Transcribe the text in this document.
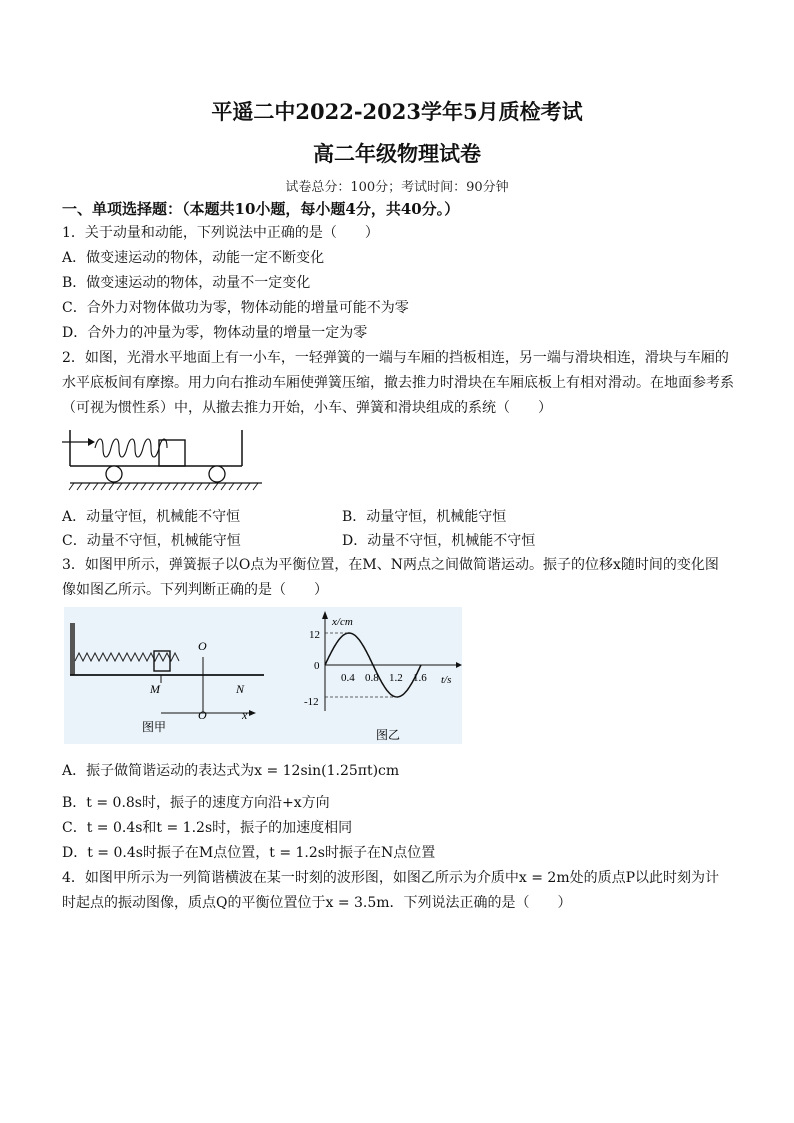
平遥二中2022-2023学年5月质检考试
高二年级物理试卷
试卷总分：100分；考试时间：90分钟
一、单项选择题：（本题共10小题，每小题4分，共40分。）
1．关于动量和动能，下列说法中正确的是（　　）
A．做变速运动的物体，动能一定不断变化
B．做变速运动的物体，动量不一定变化
C．合外力对物体做功为零，物体动能的增量可能不为零
D．合外力的冲量为零，物体动量的增量一定为零
2．如图，光滑水平地面上有一小车，一轻弹簧的一端与车厢的挡板相连，另一端与滑块相连，滑块与车厢的
水平底板间有摩擦。用力向右推动车厢使弹簧压缩，撤去推力时滑块在车厢底板上有相对滑动。在地面参考系
（可视为惯性系）中，从撤去推力开始，小车、弹簧和滑块组成的系统（　　）
A．动量守恒，机械能不守恒	B．动量守恒，机械能守恒
C．动量不守恒，机械能守恒	D．动量不守恒，机械能不守恒
3．如图甲所示，弹簧振子以O点为平衡位置，在M、N两点之间做简谐运动。振子的位移x随时间的变化图
像如图乙所示。下列判断正确的是（　　）
O
M	N
O	x
图甲
x/cm
t/s
12
-12
0
0.4 0.8 1.2 1.6
图乙
A．振子做简谐运动的表达式为x = 12sin(1.25πt)cm
B．t = 0.8s时，振子的速度方向沿+x方向
C．t = 0.4s和t = 1.2s时，振子的加速度相同
D．t = 0.4s时振子在M点位置，t = 1.2s时振子在N点位置
4．如图甲所示为一列简谐横波在某一时刻的波形图，如图乙所示为介质中x = 2m处的质点P以此时刻为计
时起点的振动图像，质点Q的平衡位置位于x = 3.5m．下列说法正确的是（　　）
